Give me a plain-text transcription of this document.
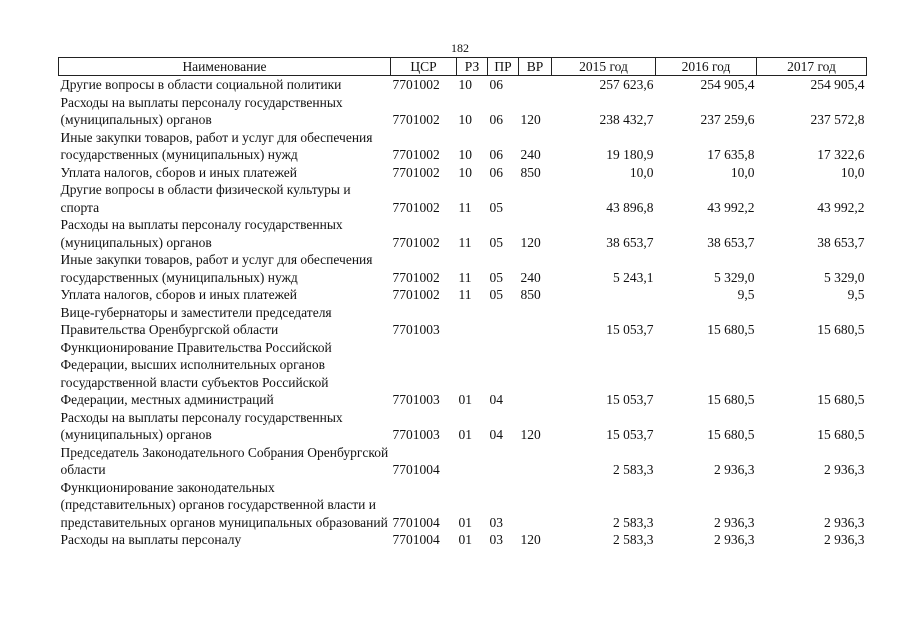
182
Наименование	ЦСР	РЗ	ПР	ВР	2015 год	2016 год	2017 год
Другие вопросы в области социальной политики	7701002	10	06		257 623,6	254 905,4	254 905,4
Расходы на выплаты персоналу государственных (муниципальных) органов	7701002	10	06	120	238 432,7	237 259,6	237 572,8
Иные закупки товаров, работ и услуг для обеспечения государственных (муниципальных) нужд	7701002	10	06	240	19 180,9	17 635,8	17 322,6
Уплата налогов, сборов и иных платежей	7701002	10	06	850	10,0	10,0	10,0
Другие вопросы в области физической культуры и спорта	7701002	11	05		43 896,8	43 992,2	43 992,2
Расходы на выплаты персоналу государственных (муниципальных) органов	7701002	11	05	120	38 653,7	38 653,7	38 653,7
Иные закупки товаров, работ и услуг для обеспечения государственных (муниципальных) нужд	7701002	11	05	240	5 243,1	5 329,0	5 329,0
Уплата налогов, сборов и иных платежей	7701002	11	05	850		9,5	9,5
Вице-губернаторы и заместители председателя Правительства Оренбургской области	7701003				15 053,7	15 680,5	15 680,5
Функционирование Правительства Российской Федерации, высших исполнительных органов государственной власти субъектов Российской Федерации, местных администраций	7701003	01	04		15 053,7	15 680,5	15 680,5
Расходы на выплаты персоналу государственных (муниципальных) органов	7701003	01	04	120	15 053,7	15 680,5	15 680,5
Председатель Законодательного Собрания Оренбургской области	7701004				2 583,3	2 936,3	2 936,3
Функционирование законодательных (представительных) органов государственной власти и представительных органов муниципальных образований	7701004	01	03		2 583,3	2 936,3	2 936,3
Расходы на выплаты персоналу	7701004	01	03	120	2 583,3	2 936,3	2 936,3
